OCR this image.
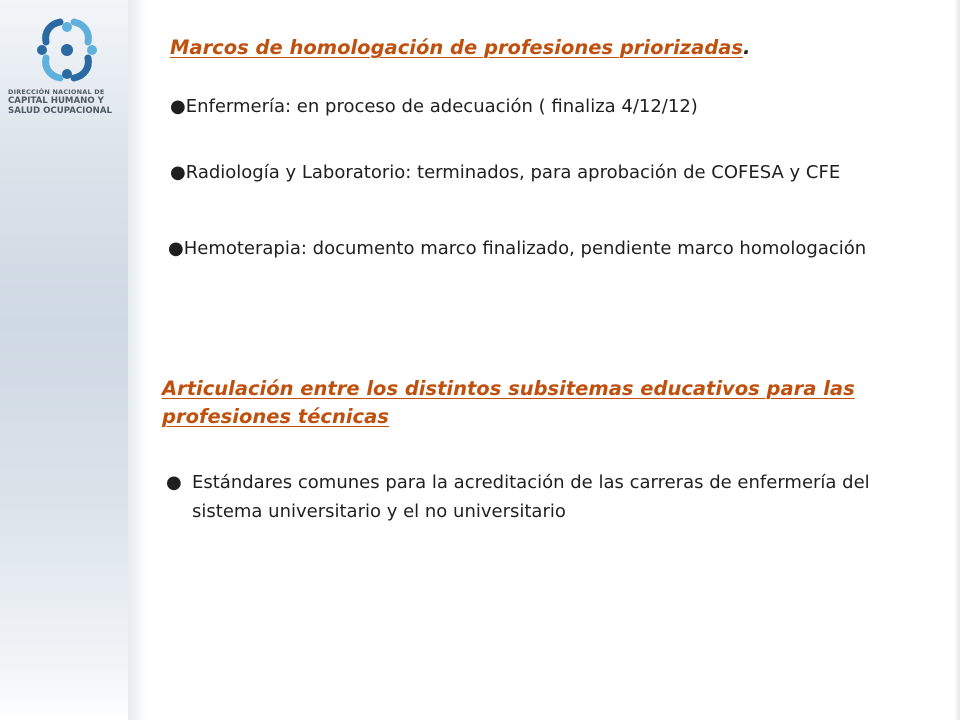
DIRECCIÓN NACIONAL DE
CAPITAL HUMANO Y
SALUD OCUPACIONAL
Marcos de homologación de profesiones priorizadas.
●Enfermería: en proceso de adecuación ( finaliza 4/12/12)
●Radiología y Laboratorio: terminados, para aprobación de COFESA y CFE
●Hemoterapia: documento marco finalizado, pendiente marco homologación
Articulación entre los distintos subsitemas educativos para las profesiones técnicas
● Estándares comunes para la acreditación de las carreras de enfermería del sistema universitario y el no universitario
